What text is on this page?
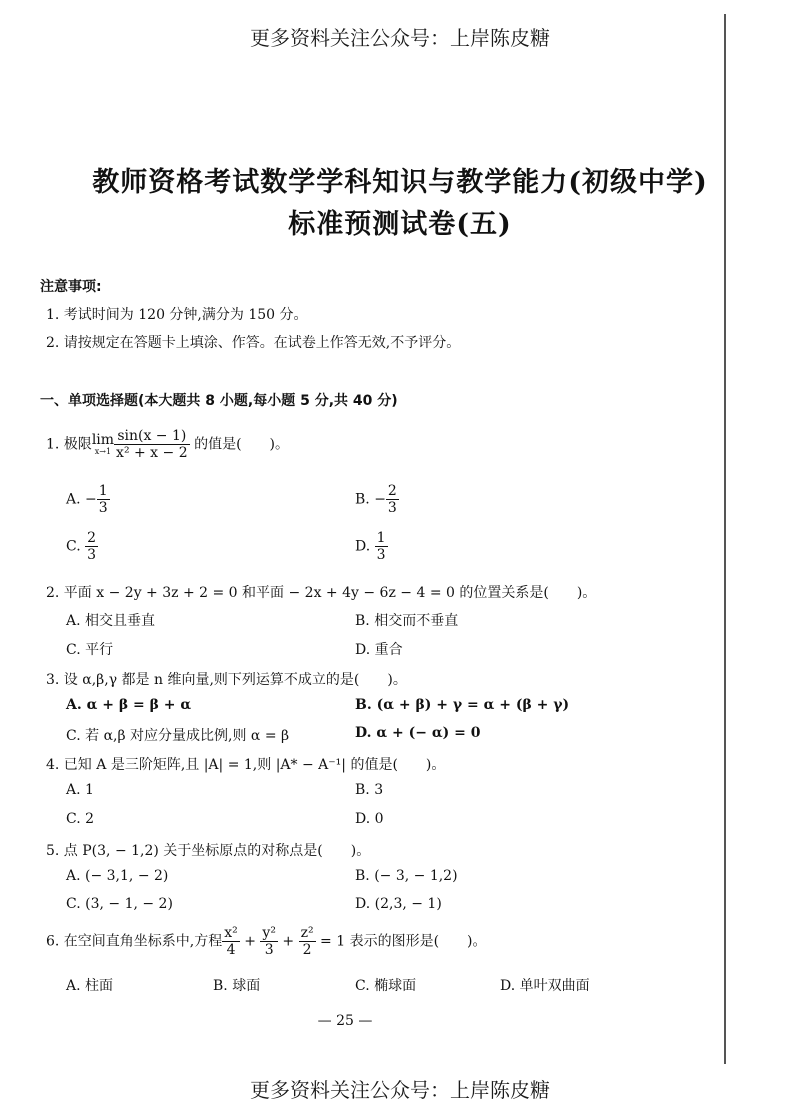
更多资料关注公众号：上岸陈皮糖
教师资格考试数学学科知识与教学能力(初级中学)
标准预测试卷(五)
注意事项:
1. 考试时间为 120 分钟,满分为 150 分。
2. 请按规定在答题卡上填涂、作答。在试卷上作答无效,不予评分。
一、单项选择题(本大题共 8 小题,每小题 5 分,共 40 分)
1. 极限lim
$x\to 1 \frac{\sin(x - 1)}{\text{x² + x − 2}}$ 的值是(　　)。
A. − $\frac{1}{3}$	B. − $\frac{2}{3}$
C. $\frac{2}{3}$	D. $\frac{1}{3}$
2. 平面 x − 2y + 3z + 2 = 0 和平面 − 2x + 4y − 6z − 4 = 0 的位置关系是(　　)。
A. 相交且垂直	B. 相交而不垂直
C. 平行	D. 重合
3. 设 α,β,γ 都是 n 维向量,则下列运算不成立的是(　　)。
A. α + β = β + α	B. (α + β) + γ = α + (β + γ)
C. 若 α,β 对应分量成比例,则 α = β	D. α + (− α) = 0
4. 已知 A 是三阶矩阵,且 |A| = 1,则 |A* − A⁻¹| 的值是(　　)。
A. 1	B. 3
C. 2	D. 0
5. 点 P(3, − 1,2) 关于坐标原点的对称点是(　　)。
A. (− 3,1, − 2)	B. (− 3, − 1,2)
C. (3, − 1, − 2)	D. (2,3, − 1)
6. 在空间直角坐标系中,方程 $\frac{\text{x²}}{4} + \frac{\text{y²}}{3} + \frac{\text{z²}}{2} = 1$ 表示的图形是(　　)。
A. 柱面	B. 球面	C. 椭球面	D. 单叶双曲面
— 25 —
更多资料关注公众号：上岸陈皮糖
